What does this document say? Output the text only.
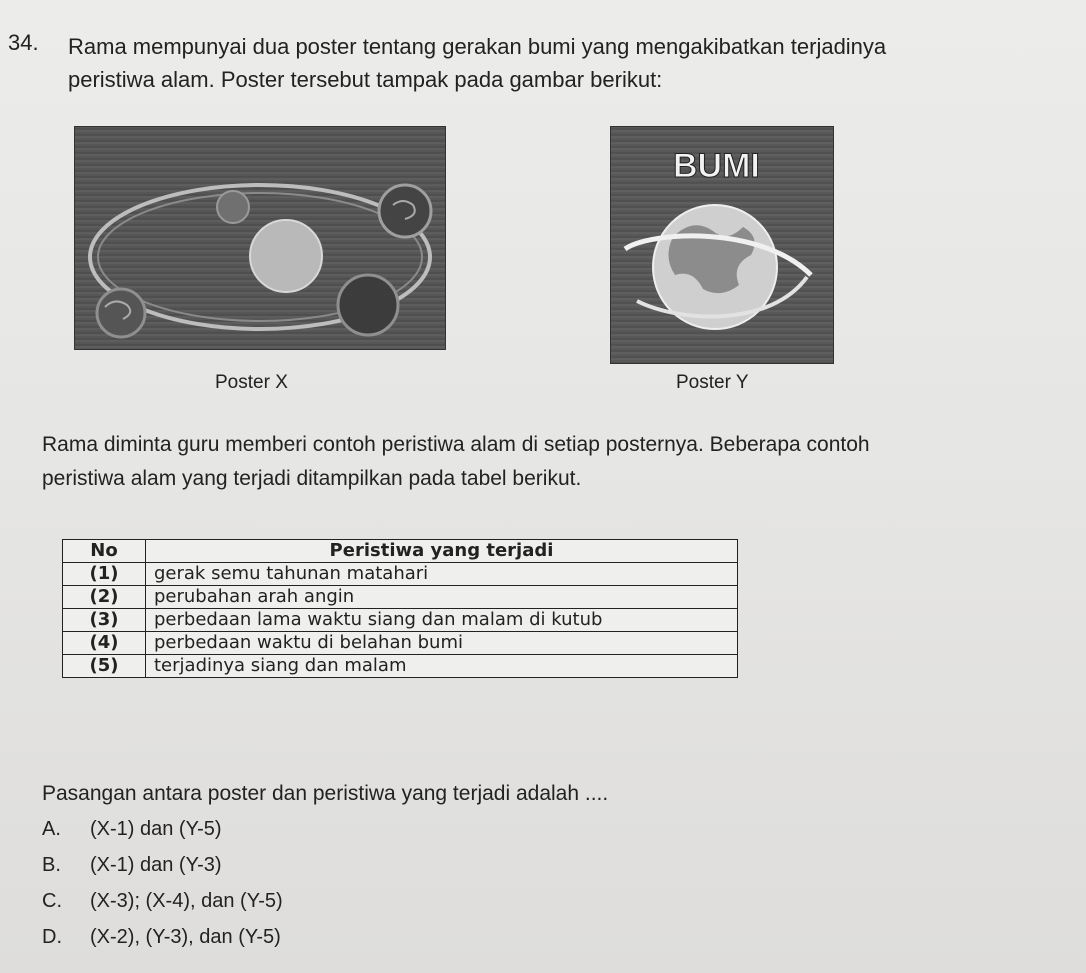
34. Rama mempunyai dua poster tentang gerakan bumi yang mengakibatkan terjadinya

peristiwa alam. Poster tersebut tampak pada gambar berikut:

BUMI
Poster X	Poster Y

Rama diminta guru memberi contoh peristiwa alam di setiap posternya. Beberapa contoh

peristiwa alam yang terjadi ditampilkan pada tabel berikut.

No	Peristiwa yang terjadi
(1)	gerak semu tahunan matahari
(2)	perubahan arah angin
(3)	perbedaan lama waktu siang dan malam di kutub
(4)	perbedaan waktu di belahan bumi
(5)	terjadinya siang dan malam
Pasangan antara poster dan peristiwa yang terjadi adalah ....
A. (X-1) dan (Y-5)
B. (X-1) dan (Y-3)
C. (X-3); (X-4), dan (Y-5)
D. (X-2), (Y-3), dan (Y-5)
